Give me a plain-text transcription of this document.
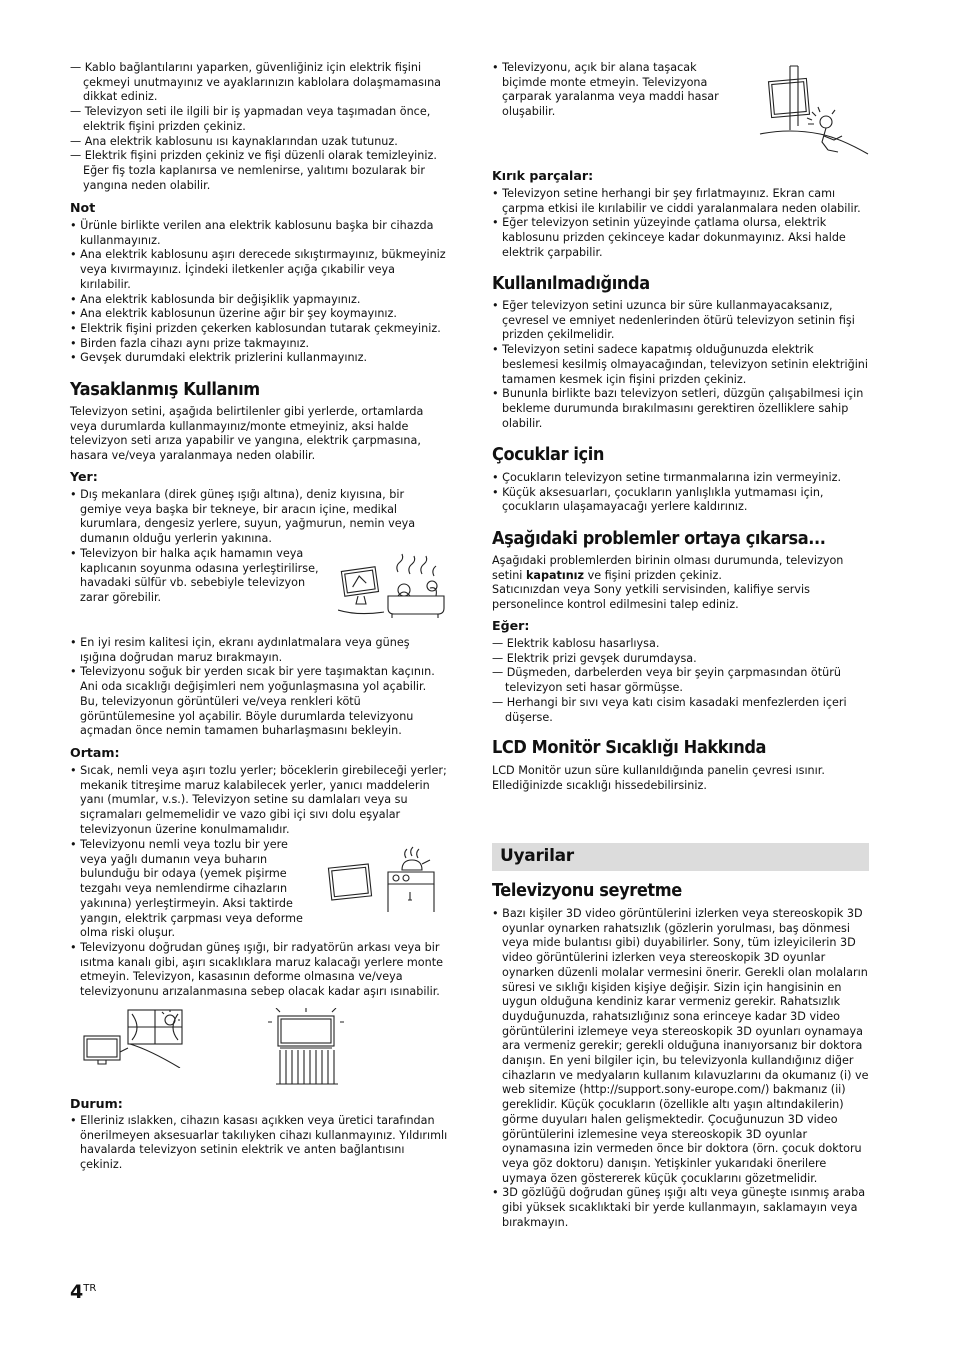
— Kablo bağlantılarını yaparken, güvenliğiniz için elektrik fişini çekmeyi unutmayınız ve ayaklarınızın kablolara dolaşmamasına dikkat ediniz.

— Televizyon seti ile ilgili bir iş yapmadan veya taşımadan önce, elektrik fişini prizden çekiniz.

— Ana elektrik kablosunu ısı kaynaklarından uzak tutunuz.

— Elektrik fişini prizden çekiniz ve fişi düzenli olarak temizleyiniz. Eğer fiş tozla kaplanırsa ve nemlenirse, yalıtımı bozularak bir yangına neden olabilir.

Not

• Ürünle birlikte verilen ana elektrik kablosunu başka bir cihazda kullanmayınız.

• Ana elektrik kablosunu aşırı derecede sıkıştırmayınız, bükmeyiniz veya kıvırmayınız. İçindeki iletkenler açığa çıkabilir veya kırılabilir.

• Ana elektrik kablosunda bir değişiklik yapmayınız.

• Ana elektrik kablosunun üzerine ağır bir şey koymayınız.

• Elektrik fişini prizden çekerken kablosundan tutarak çekmeyiniz.

• Birden fazla cihazı aynı prize takmayınız.

• Gevşek durumdaki elektrik prizlerini kullanmayınız.

Yasaklanmış Kullanım

Televizyon setini, aşağıda belirtilenler gibi yerlerde, ortamlarda veya durumlarda kullanmayınız/monte etmeyiniz, aksi halde televizyon seti arıza yapabilir ve yangına, elektrik çarpmasına, hasara ve/veya yaralanmaya neden olabilir.

Yer:

• Dış mekanlara (direk güneş ışığı altına), deniz kıyısına, bir gemiye veya başka bir tekneye, bir aracın içine, medikal kurumlara, dengesiz yerlere, suyun, yağmurun, nemin veya dumanın olduğu yerlerin yakınına.

• Televizyon bir halka açık hamamın veya kaplıcanın soyunma odasına yerleştirilirse, havadaki sülfür vb. sebebiyle televizyon zarar görebilir.

• En iyi resim kalitesi için, ekranı aydınlatmalara veya güneş ışığına doğrudan maruz bırakmayın.

• Televizyonu soğuk bir yerden sıcak bir yere taşımaktan kaçının. Ani oda sıcaklığı değişimleri nem yoğunlaşmasına yol açabilir. Bu, televizyonun görüntüleri ve/veya renkleri kötü görüntülemesine yol açabilir. Böyle durumlarda televizyonu açmadan önce nemin tamamen buharlaşmasını bekleyin.

Ortam:

• Sıcak, nemli veya aşırı tozlu yerler; böceklerin girebileceği yerler; mekanik titreşime maruz kalabilecek yerler, yanıcı maddelerin yanı (mumlar, v.s.). Televizyon setine su damlaları veya su sıçramaları gelmemelidir ve vazo gibi içi sıvı dolu eşyalar televizyonun üzerine konulmamalıdır.

• Televizyonu nemli veya tozlu bir yere veya yağlı dumanın veya buharın bulunduğu bir odaya (yemek pişirme tezgahı veya nemlendirme cihazların yakınına) yerleştirmeyin. Aksi taktirde yangın, elektrik çarpması veya deforme olma riski oluşur.

• Televizyonu doğrudan güneş ışığı, bir radyatörün arkası veya bir ısıtma kanalı gibi, aşırı sıcaklıklara maruz kalacağı yerlere monte etmeyin. Televizyon, kasasının deforme olmasına ve/veya televizyonunu arızalanmasına sebep olacak kadar aşırı ısınabilir.

Durum:

• Elleriniz ıslakken, cihazın kasası açıkken veya üretici tarafından önerilmeyen aksesuarlar takılıyken cihazı kullanmayınız. Yıldırımlı havalarda televizyon setinin elektrik ve anten bağlantısını çekiniz.

• Televizyonu, açık bir alana taşacak biçimde monte etmeyin. Televizyona çarparak yaralanma veya maddi hasar oluşabilir.

Kırık parçalar:

• Televizyon setine herhangi bir şey fırlatmayınız. Ekran camı çarpma etkisi ile kırılabilir ve ciddi yaralanmalara neden olabilir.

• Eğer televizyon setinin yüzeyinde çatlama olursa, elektrik kablosunu prizden çekinceye kadar dokunmayınız. Aksi halde elektrik çarpabilir.

Kullanılmadığında

• Eğer televizyon setini uzunca bir süre kullanmayacaksanız, çevresel ve emniyet nedenlerinden ötürü televizyon setinin fişi prizden çekilmelidir.

• Televizyon setini sadece kapatmış olduğunuzda elektrik beslemesi kesilmiş olmayacağından, televizyon setinin elektriğini tamamen kesmek için fişini prizden çekiniz.

• Bununla birlikte bazı televizyon setleri, düzgün çalışabilmesi için bekleme durumunda bırakılmasını gerektiren özelliklere sahip olabilir.

Çocuklar için

• Çocukların televizyon setine tırmanmalarına izin vermeyiniz.

• Küçük aksesuarları, çocukların yanlışlıkla yutmaması için, çocukların ulaşamayacağı yerlere kaldırınız.

Aşağıdaki problemler ortaya çıkarsa...

Aşağıdaki problemlerden birinin olması durumunda, televizyon setini kapatınız ve fişini prizden çekiniz.

Satıcınızdan veya Sony yetkili servisinden, kalifiye servis personelince kontrol edilmesini talep ediniz.

Eğer:

— Elektrik kablosu hasarlıysa.

— Elektrik prizi gevşek durumdaysa.

— Düşmeden, darbelerden veya bir şeyin çarpmasından ötürü televizyon seti hasar görmüşse.

— Herhangi bir sıvı veya katı cisim kasadaki menfezlerden içeri düşerse.

LCD Monitör Sıcaklığı Hakkında

LCD Monitör uzun süre kullanıldığında panelin çevresi ısınır. Ellediğinizde sıcaklığı hissedebilirsiniz.

Televizyonu seyretme

• Bazı kişiler 3D video görüntülerini izlerken veya stereoskopik 3D oyunlar oynarken rahatsızlık (gözlerin yorulması, baş dönmesi veya mide bulantısı gibi) duyabilirler. Sony, tüm izleyicilerin 3D video görüntülerini izlerken veya stereoskopik 3D oyunlar oynarken düzenli molalar vermesini önerir. Gerekli olan molaların süresi ve sıklığı kişiden kişiye değişir. Sizin için hangisinin en uygun olduğuna kendiniz karar vermeniz gerekir. Rahatsızlık duyduğunuzda, rahatsızlığınız sona erinceye kadar 3D video görüntülerini izlemeye veya stereoskopik 3D oyunları oynamaya ara vermeniz gerekir; gerekli olduğuna inanıyorsanız bir doktora danışın. En yeni bilgiler için, bu televizyonla kullandığınız diğer cihazların ve medyaların kullanım kılavuzlarını da okumanız (i) ve web sitemize (http://support.sony-europe.com/) bakmanız (ii) gereklidir. Küçük çocukların (özellikle altı yaşın altındakilerin) görme duyuları halen gelişmektedir. Çocuğunuzun 3D video görüntülerini izlemesine veya stereoskopik 3D oyunlar oynamasına izin vermeden önce bir doktora (örn. çocuk doktoru veya göz doktoru) danışın. Yetişkinler yukarıdaki önerilere uymaya özen göstererek küçük çocuklarını gözetmelidir.

• 3D gözlüğü doğrudan güneş ışığı altı veya güneşte ısınmış araba gibi yüksek sıcaklıktaki bir yerde kullanmayın, saklamayın veya bırakmayın.

Uyarilar
$4^{TR}$
